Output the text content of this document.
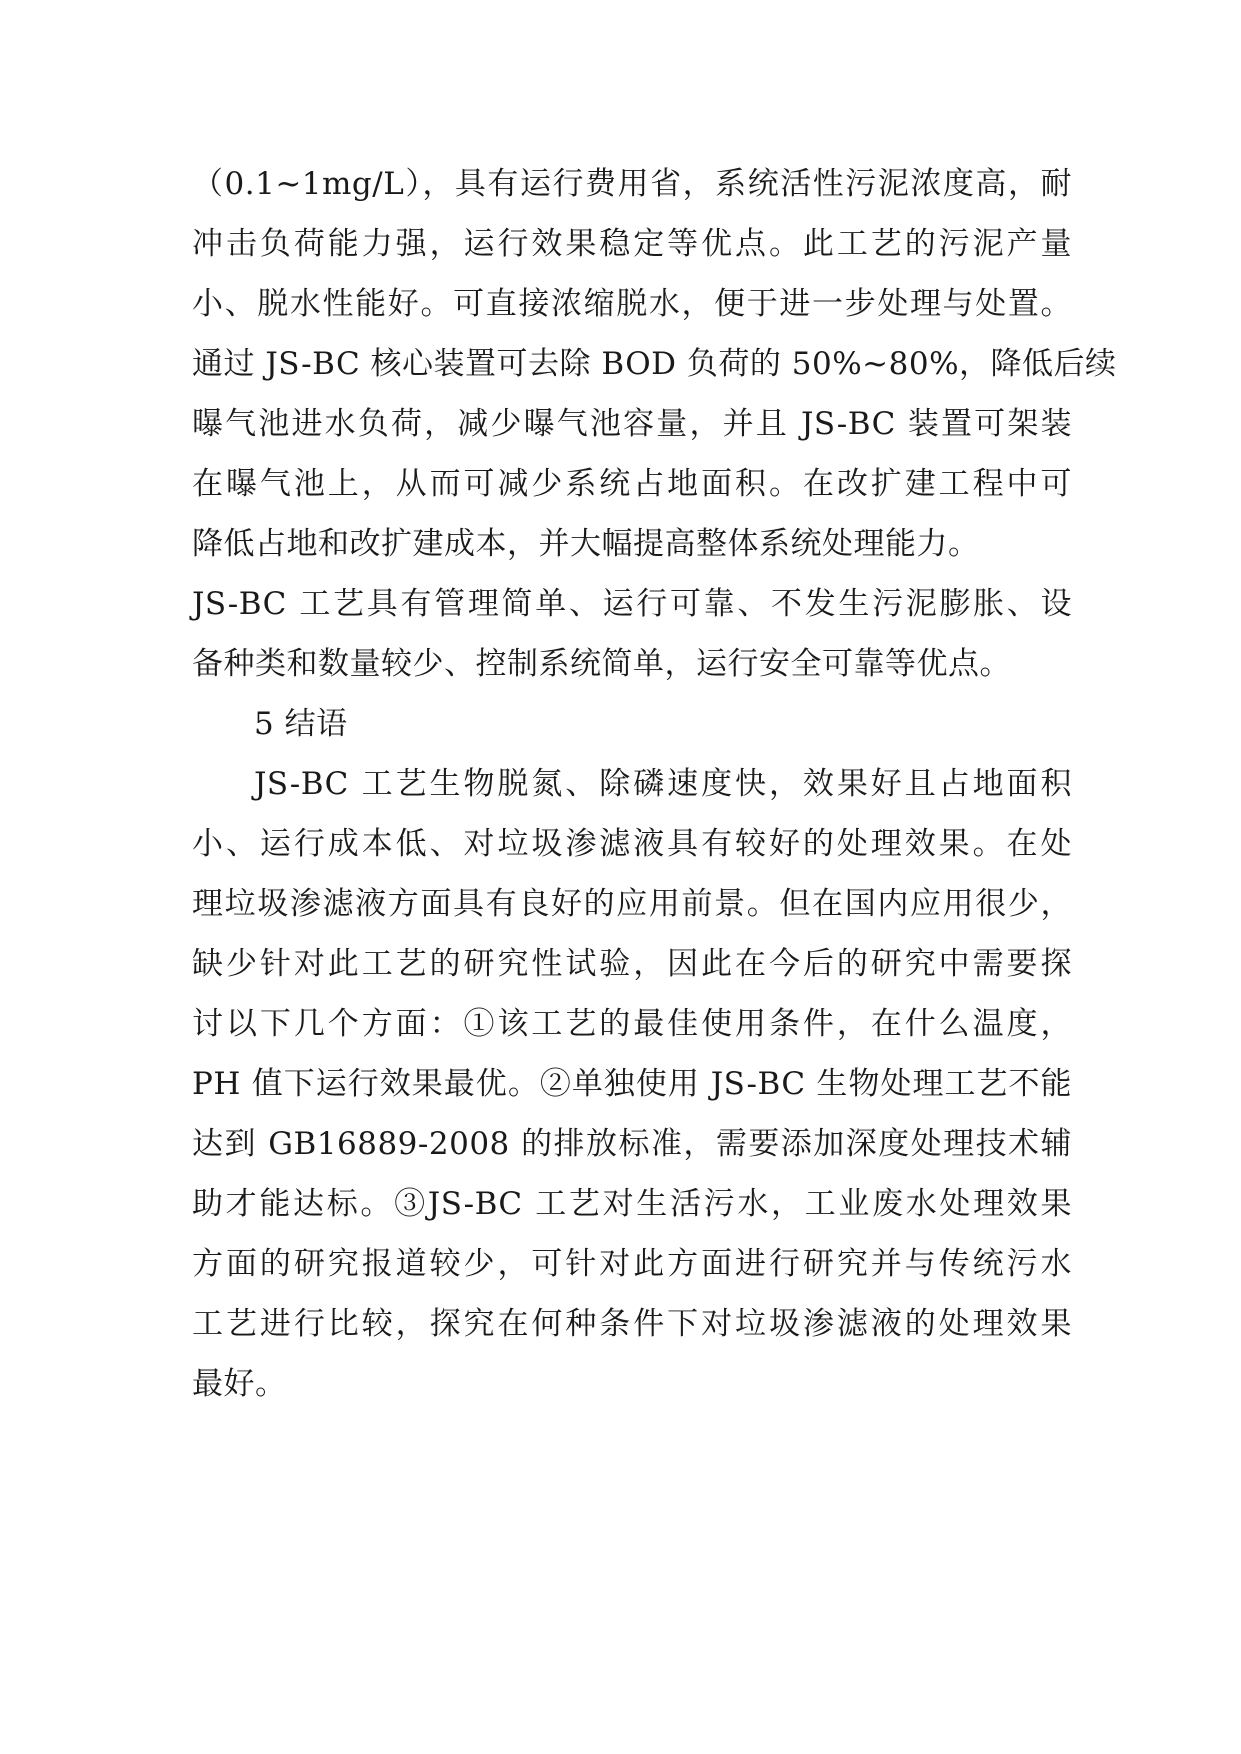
（0.1~1mg/L），具有运行费用省，系统活性污泥浓度高，耐
冲击负荷能力强，运行效果稳定等优点。此工艺的污泥产量
小、脱水性能好。可直接浓缩脱水，便于进一步处理与处置。
通过 JS-BC 核心装置可去除 BOD 负荷的 50%~80%，降低后续
曝气池进水负荷，减少曝气池容量，并且 JS-BC 装置可架装
在曝气池上，从而可减少系统占地面积。在改扩建工程中可
降低占地和改扩建成本，并大幅提高整体系统处理能力。
JS-BC 工艺具有管理简单、运行可靠、不发生污泥膨胀、设
备种类和数量较少、控制系统简单，运行安全可靠等优点。
5 结语
JS-BC 工艺生物脱氮、除磷速度快，效果好且占地面积
小、运行成本低、对垃圾渗滤液具有较好的处理效果。在处
理垃圾渗滤液方面具有良好的应用前景。但在国内应用很少，
缺少针对此工艺的研究性试验，因此在今后的研究中需要探
讨以下几个方面：①该工艺的最佳使用条件，在什么温度，
PH 值下运行效果最优。②单独使用 JS-BC 生物处理工艺不能
达到 GB16889-2008 的排放标准，需要添加深度处理技术辅
助才能达标。③JS-BC 工艺对生活污水，工业废水处理效果
方面的研究报道较少，可针对此方面进行研究并与传统污水
工艺进行比较，探究在何种条件下对垃圾渗滤液的处理效果
最好。
